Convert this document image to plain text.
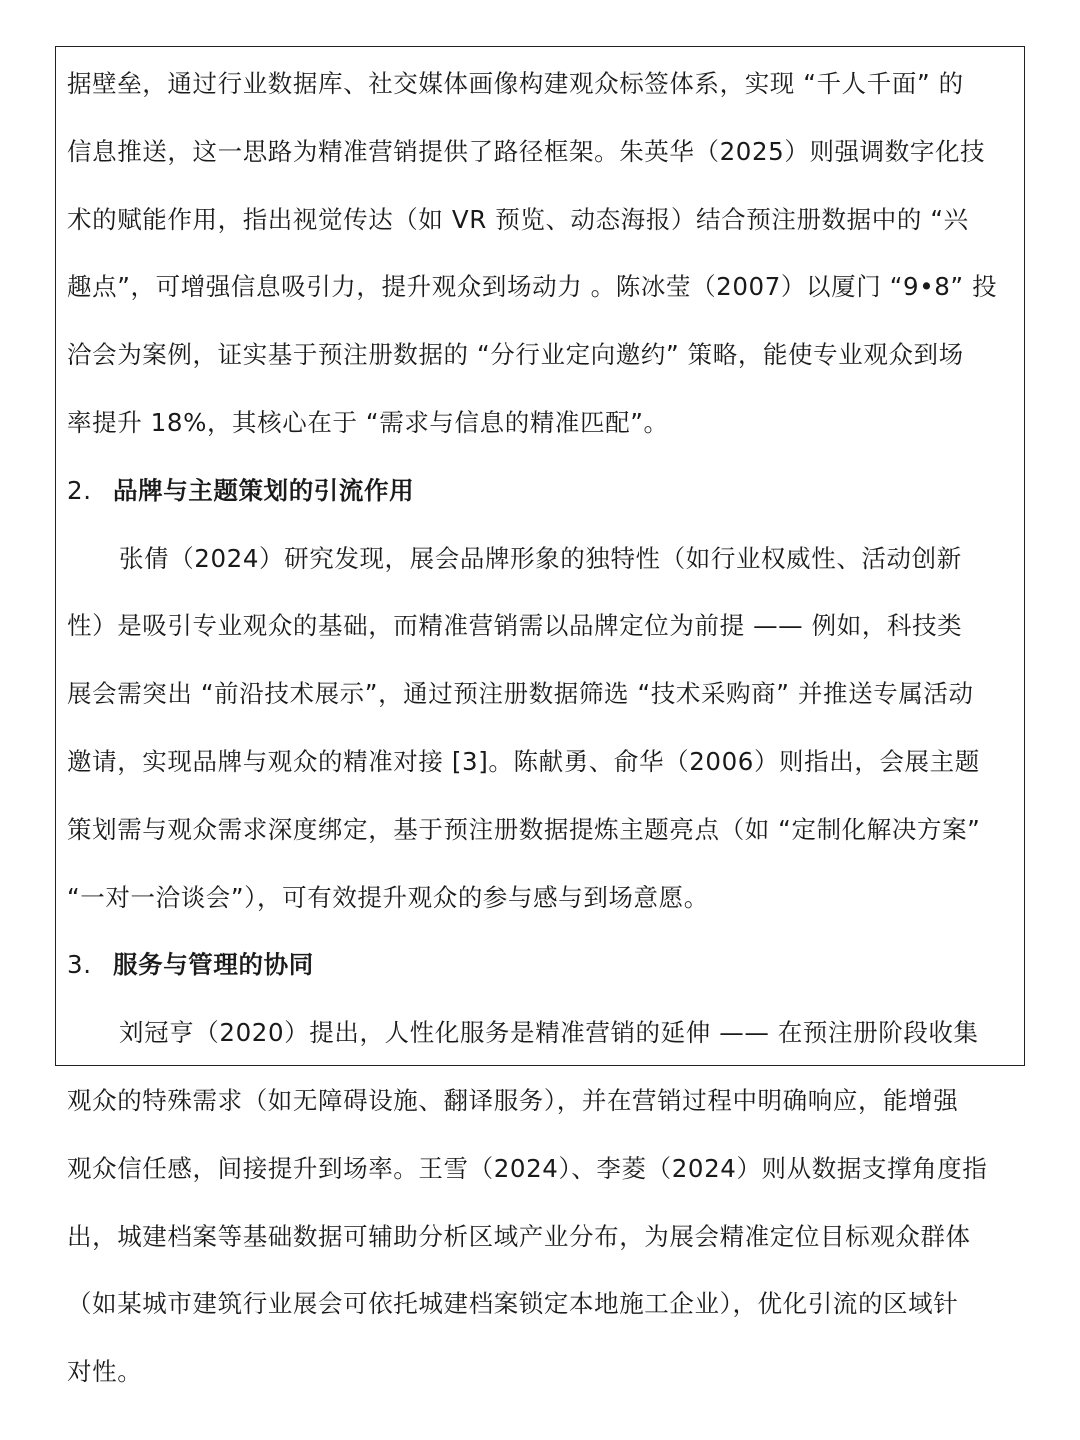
据壁垒，通过行业数据库、社交媒体画像构建观众标签体系，实现 “千人千面” 的
信息推送，这一思路为精准营销提供了路径框架。朱英华（2025）则强调数字化技
术的赋能作用，指出视觉传达（如 VR 预览、动态海报）结合预注册数据中的 “兴
趣点”，可增强信息吸引力，提升观众到场动力 。陈冰莹（2007）以厦门 “9•8” 投
洽会为案例，证实基于预注册数据的 “分行业定向邀约” 策略，能使专业观众到场
率提升 18%，其核心在于 “需求与信息的精准匹配”。
2. 品牌与主题策划的引流作用
张倩（2024）研究发现，展会品牌形象的独特性（如行业权威性、活动创新
性）是吸引专业观众的基础，而精准营销需以品牌定位为前提 —— 例如，科技类
展会需突出 “前沿技术展示”，通过预注册数据筛选 “技术采购商” 并推送专属活动
邀请，实现品牌与观众的精准对接 [3]。陈献勇、俞华（2006）则指出，会展主题
策划需与观众需求深度绑定，基于预注册数据提炼主题亮点（如 “定制化解决方案”
“一对一洽谈会”），可有效提升观众的参与感与到场意愿。
3. 服务与管理的协同
刘冠亨（2020）提出，人性化服务是精准营销的延伸 —— 在预注册阶段收集
观众的特殊需求（如无障碍设施、翻译服务），并在营销过程中明确响应，能增强
观众信任感，间接提升到场率。王雪（2024）、李菱（2024）则从数据支撑角度指
出，城建档案等基础数据可辅助分析区域产业分布，为展会精准定位目标观众群体
（如某城市建筑行业展会可依托城建档案锁定本地施工企业），优化引流的区域针
对性。
